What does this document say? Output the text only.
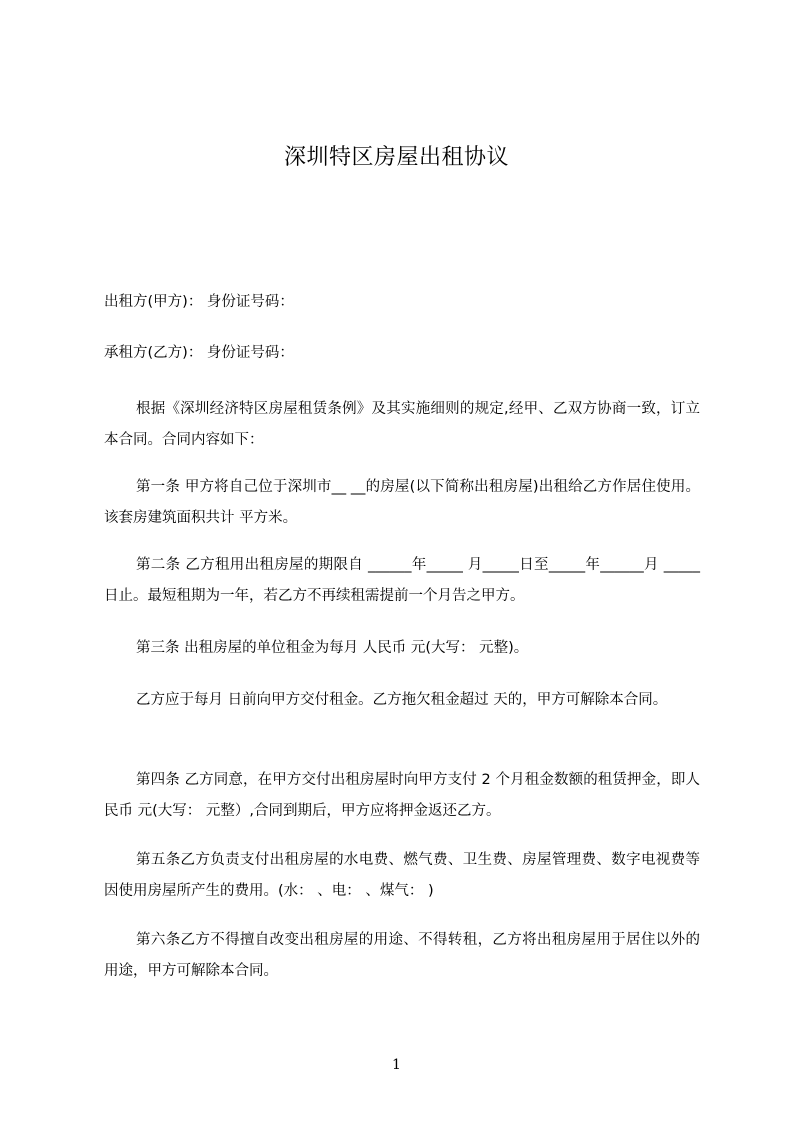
深圳特区房屋出租协议
出租方(甲方)： 身份证号码：
承租方(乙方)： 身份证号码：
根据《深圳经济特区房屋租赁条例》及其实施细则的规定,经甲、乙双方协商一致，订立本合同。合同内容如下：
第一条 甲方将自己位于深圳市__ __的房屋(以下简称出租房屋)出租给乙方作居住使用。该套房建筑面积共计 平方米。
第二条 乙方租用出租房屋的期限自 ______年_____ 月_____日至_____年______月 _____日止。最短租期为一年，若乙方不再续租需提前一个月告之甲方。
第三条 出租房屋的单位租金为每月 人民币 元(大写： 元整)。
乙方应于每月 日前向甲方交付租金。乙方拖欠租金超过 天的，甲方可解除本合同。
第四条 乙方同意，在甲方交付出租房屋时向甲方支付 2 个月租金数额的租赁押金，即人民币 元(大写： 元整）,合同到期后，甲方应将押金返还乙方。
第五条乙方负责支付出租房屋的水电费、燃气费、卫生费、房屋管理费、数字电视费等因使用房屋所产生的费用。(水： 、电： 、煤气： )
第六条乙方不得擅自改变出租房屋的用途、不得转租，乙方将出租房屋用于居住以外的用途，甲方可解除本合同。
1
